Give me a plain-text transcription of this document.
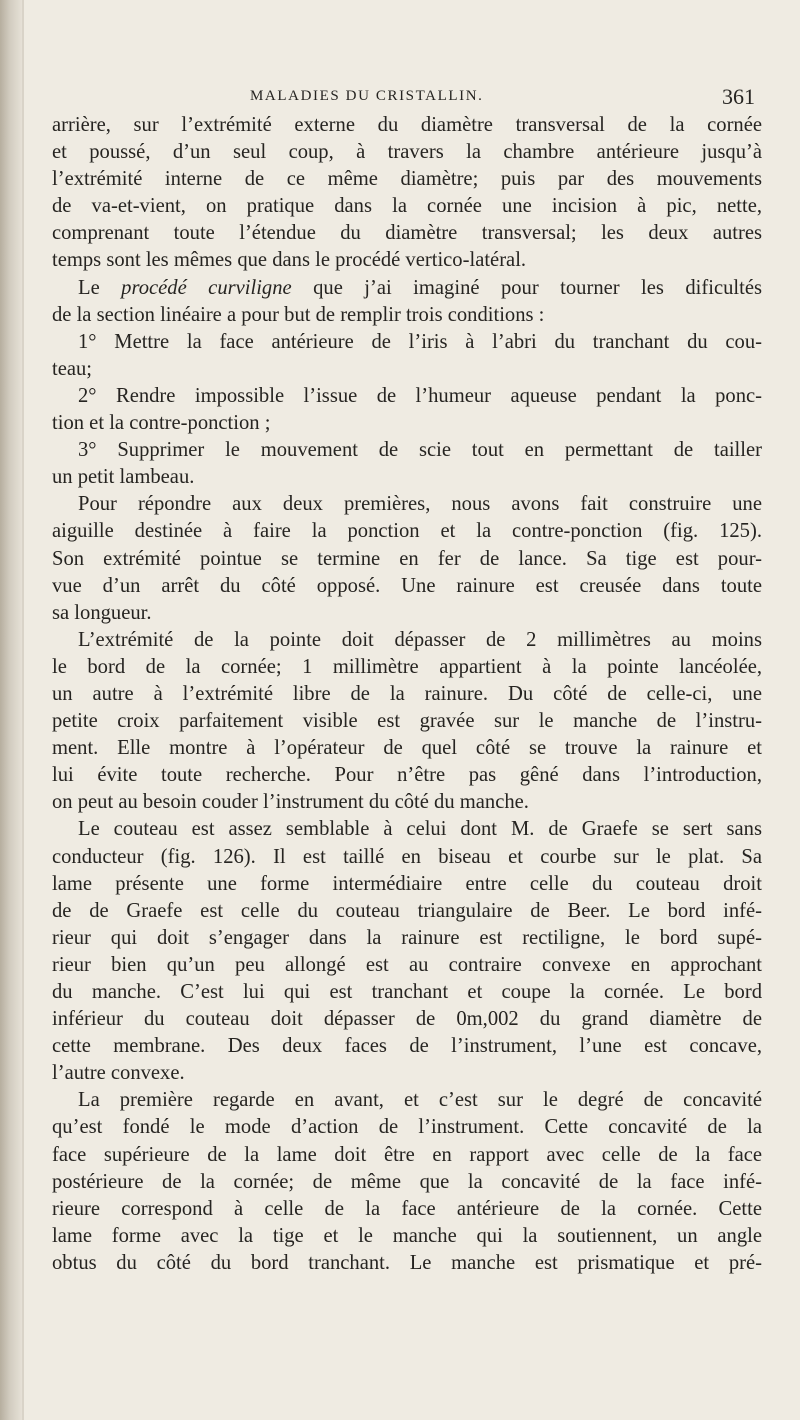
MALADIES DU CRISTALLIN.	361
arrière, sur l’extrémité externe du diamètre transversal de la cornée
et poussé, d’un seul coup, à travers la chambre antérieure jusqu’à
l’extrémité interne de ce même diamètre; puis par des mouvements
de va-et-vient, on pratique dans la cornée une incision à pic, nette,
comprenant toute l’étendue du diamètre transversal; les deux autres
temps sont les mêmes que dans le procédé vertico-latéral.
Le procédé curviligne que j’ai imaginé pour tourner les dificultés
de la section linéaire a pour but de remplir trois conditions :
1° Mettre la face antérieure de l’iris à l’abri du tranchant du cou-
teau;
2° Rendre impossible l’issue de l’humeur aqueuse pendant la ponc-
tion et la contre-ponction ;
3° Supprimer le mouvement de scie tout en permettant de tailler
un petit lambeau.
Pour répondre aux deux premières, nous avons fait construire une
aiguille destinée à faire la ponction et la contre-ponction (fig. 125).
Son extrémité pointue se termine en fer de lance. Sa tige est pour-
vue d’un arrêt du côté opposé. Une rainure est creusée dans toute
sa longueur.
L’extrémité de la pointe doit dépasser de 2 millimètres au moins
le bord de la cornée; 1 millimètre appartient à la pointe lancéolée,
un autre à l’extrémité libre de la rainure. Du côté de celle-ci, une
petite croix parfaitement visible est gravée sur le manche de l’instru-
ment. Elle montre à l’opérateur de quel côté se trouve la rainure et
lui évite toute recherche. Pour n’être pas gêné dans l’introduction,
on peut au besoin couder l’instrument du côté du manche.
Le couteau est assez semblable à celui dont M. de Graefe se sert sans
conducteur (fig. 126). Il est taillé en biseau et courbe sur le plat. Sa
lame présente une forme intermédiaire entre celle du couteau droit
de de Graefe est celle du couteau triangulaire de Beer. Le bord infé-
rieur qui doit s’engager dans la rainure est rectiligne, le bord supé-
rieur bien qu’un peu allongé est au contraire convexe en approchant
du manche. C’est lui qui est tranchant et coupe la cornée. Le bord
inférieur du couteau doit dépasser de 0m,002 du grand diamètre de
cette membrane. Des deux faces de l’instrument, l’une est concave,
l’autre convexe.
La première regarde en avant, et c’est sur le degré de concavité
qu’est fondé le mode d’action de l’instrument. Cette concavité de la
face supérieure de la lame doit être en rapport avec celle de la face
postérieure de la cornée; de même que la concavité de la face infé-
rieure correspond à celle de la face antérieure de la cornée. Cette
lame forme avec la tige et le manche qui la soutiennent, un angle
obtus du côté du bord tranchant. Le manche est prismatique et pré-
